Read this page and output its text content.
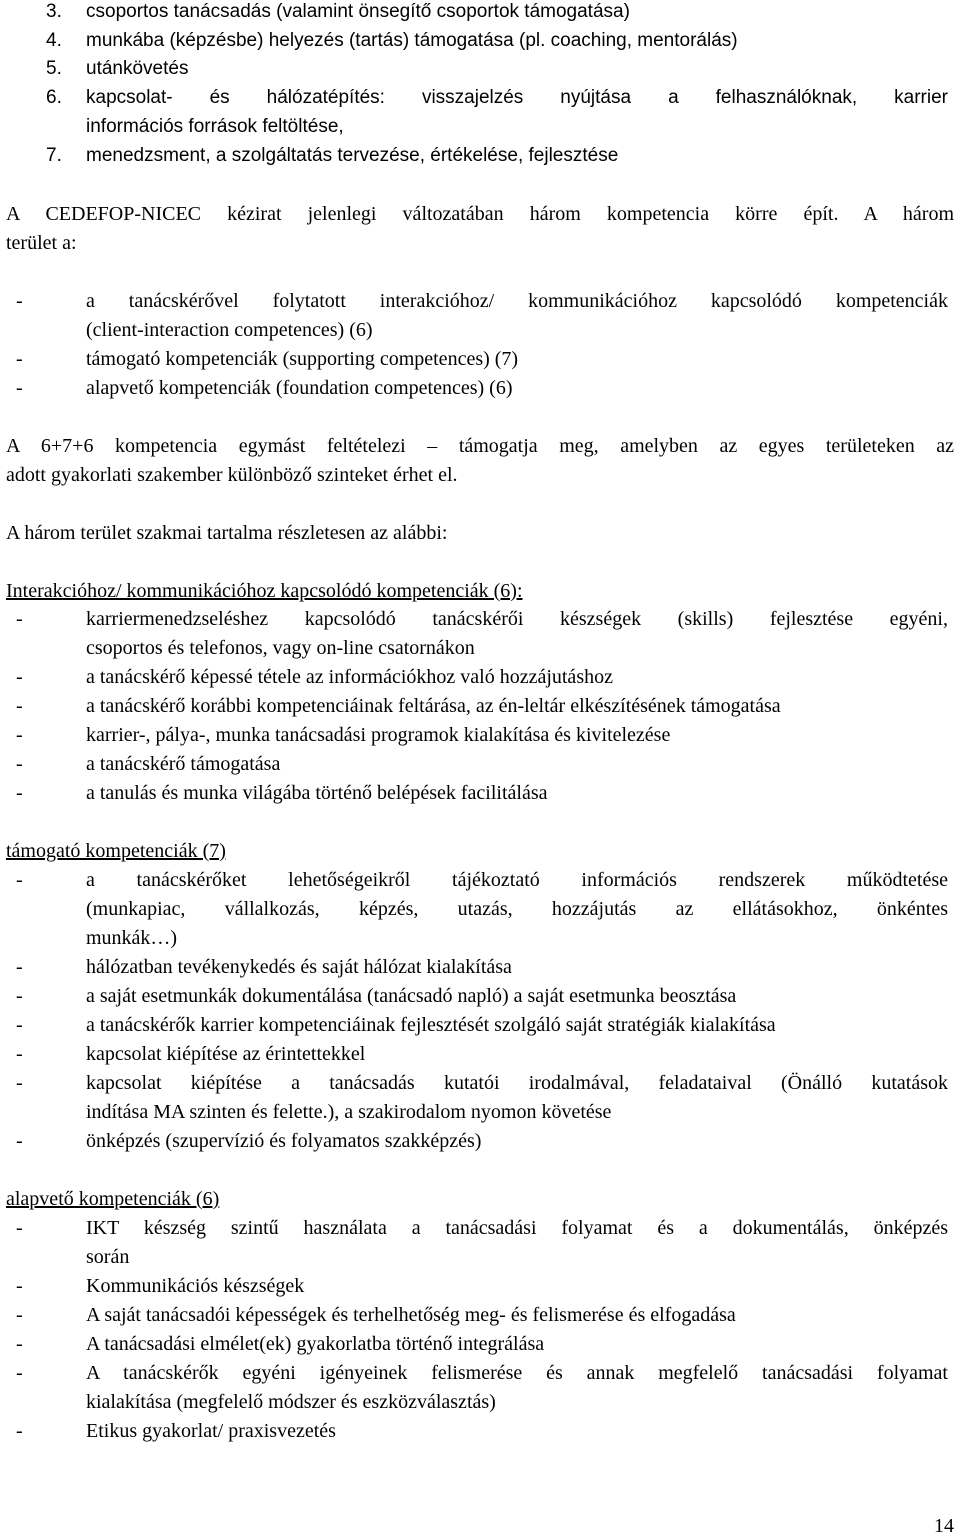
3. csoportos tanácsadás (valamint önsegítő csoportok támogatása)
4. munkába (képzésbe) helyezés (tartás) támogatása (pl. coaching, mentorálás)
5. utánkövetés
6. kapcsolat- és hálózatépítés: visszajelzés nyújtása a felhasználóknak, karrier
információs források feltöltése,
7. menedzsment, a szolgáltatás tervezése, értékelése, fejlesztése
A CEDEFOP-NICEC kézirat jelenlegi változatában három kompetencia körre épít. A három
terület a:
-	a tanácskérővel folytatott interakcióhoz/ kommunikációhoz kapcsolódó kompetenciák
(client-interaction competences) (6)
-	támogató kompetenciák (supporting competences) (7)
-	alapvető kompetenciák (foundation competences) (6)
A 6+7+6 kompetencia egymást feltételezi – támogatja meg, amelyben az egyes területeken az
adott gyakorlati szakember különböző szinteket érhet el.
A három terület szakmai tartalma részletesen az alábbi:
Interakcióhoz/ kommunikációhoz kapcsolódó kompetenciák (6):
-	karriermenedzseléshez kapcsolódó tanácskérői készségek (skills) fejlesztése egyéni,
csoportos és telefonos, vagy on-line csatornákon
-	a tanácskérő képessé tétele az információkhoz való hozzájutáshoz
-	a tanácskérő korábbi kompetenciáinak feltárása, az én-leltár elkészítésének támogatása
-	karrier-, pálya-, munka tanácsadási programok kialakítása és kivitelezése
-	a tanácskérő támogatása
-	a tanulás és munka világába történő belépések facilitálása
támogató kompetenciák (7)
-	a tanácskérőket lehetőségeikről tájékoztató információs rendszerek működtetése
(munkapiac, vállalkozás, képzés, utazás, hozzájutás az ellátásokhoz, önkéntes
munkák…)
-	hálózatban tevékenykedés és saját hálózat kialakítása
-	a saját esetmunkák dokumentálása (tanácsadó napló) a saját esetmunka beosztása
-	a tanácskérők karrier kompetenciáinak fejlesztését szolgáló saját stratégiák kialakítása
-	kapcsolat kiépítése az érintettekkel
-	kapcsolat kiépítése a tanácsadás kutatói irodalmával, feladataival (Önálló kutatások
indítása MA szinten és felette.), a szakirodalom nyomon követése
-	önképzés (szupervízió és folyamatos szakképzés)
alapvető kompetenciák (6)
-	IKT készség szintű használata a tanácsadási folyamat és a dokumentálás, önképzés
során
-	Kommunikációs készségek
-	A saját tanácsadói képességek és terhelhetőség meg- és felismerése és elfogadása
-	A tanácsadási elmélet(ek) gyakorlatba történő integrálása
-	A tanácskérők egyéni igényeinek felismerése és annak megfelelő tanácsadási folyamat
kialakítása (megfelelő módszer és eszközválasztás)
-	Etikus gyakorlat/ praxisvezetés
14
